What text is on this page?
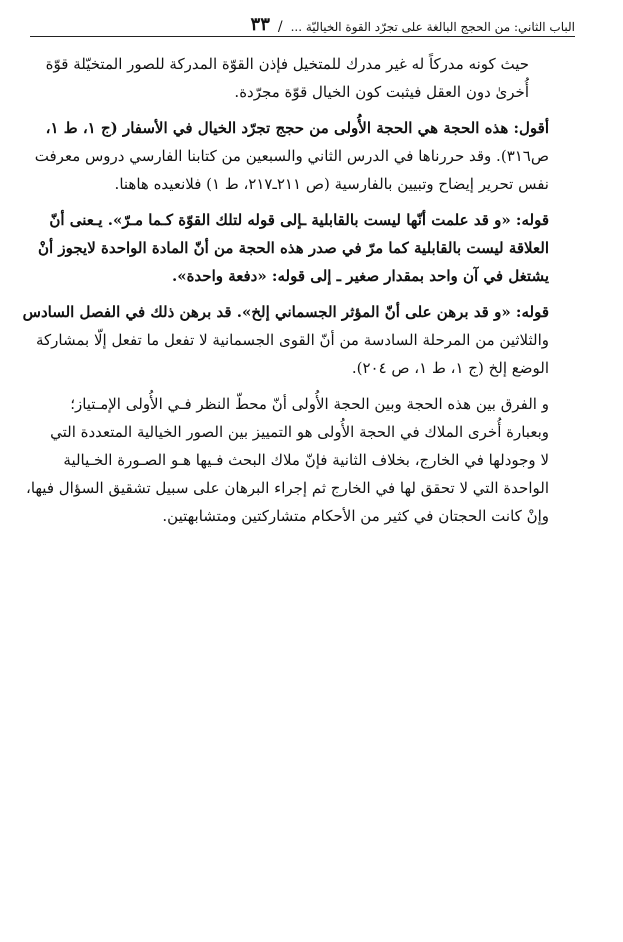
الباب الثاني: من الحجج البالغة على تجرّد القوة الخياليّة ...
/
٣٣

حيث كونه مدركاً له غير مدرك للمتخيل فإذن القوّة المدركة للصور المتخيّلة قوّة
أُخرىٰ دون العقل فيثبت كون الخيال قوّة مجرّدة.

أقول: هذه الحجة هي الحجة الأُولى من حجج تجرّد الخيال في الأسفار (ج ١، ط ١،
ص٣١٦). وقد حررناها في الدرس الثاني والسبعين من كتابنا الفارسي دروس معرفت
نفس تحرير إيضاح وتبيين بالفارسية (ص ٢١١ـ٢١٧، ط ١) فلانعيده هاهنا.

قوله: «و قد علمت أنّها ليست بالقابلية ـإلى قوله لتلك القوّة كـما مـرّ». يـعنى أنّ
العلاقة ليست بالقابلية كما مرّ في صدر هذه الحجة من أنّ المادة الواحدة لايجوز أنْ
يشتغل في آن واحد بمقدار صغير ـ إلى قوله: «دفعة واحدة».

قوله: «و قد برهن على أنّ المؤثر الجسماني إلخ». قد برهن ذلك في الفصل السادس
والثلاثين من المرحلة السادسة من أنّ القوى الجسمانية لا تفعل ما تفعل إلّا بمشاركة
الوضع إلخ (ج ١، ط ١، ص ٢٠٤).

و الفرق بين هذه الحجة وبين الحجة الأُولى أنّ محطّ النظر فـي الأُولى الإمـتياز؛
وبعبارة أُخرى الملاك في الحجة الأُولى هو التمييز بين الصور الخيالية المتعددة التي
لا وجودلها في الخارج، بخلاف الثانية فإنّ ملاك البحث فـيها هـو الصـورة الخـيالية
الواحدة التي لا تحقق لها في الخارج ثم إجراء البرهان على سبيل تشقيق السؤال فيها،
وإنْ كانت الحجتان في كثير من الأحكام متشاركتين ومتشابهتين.
